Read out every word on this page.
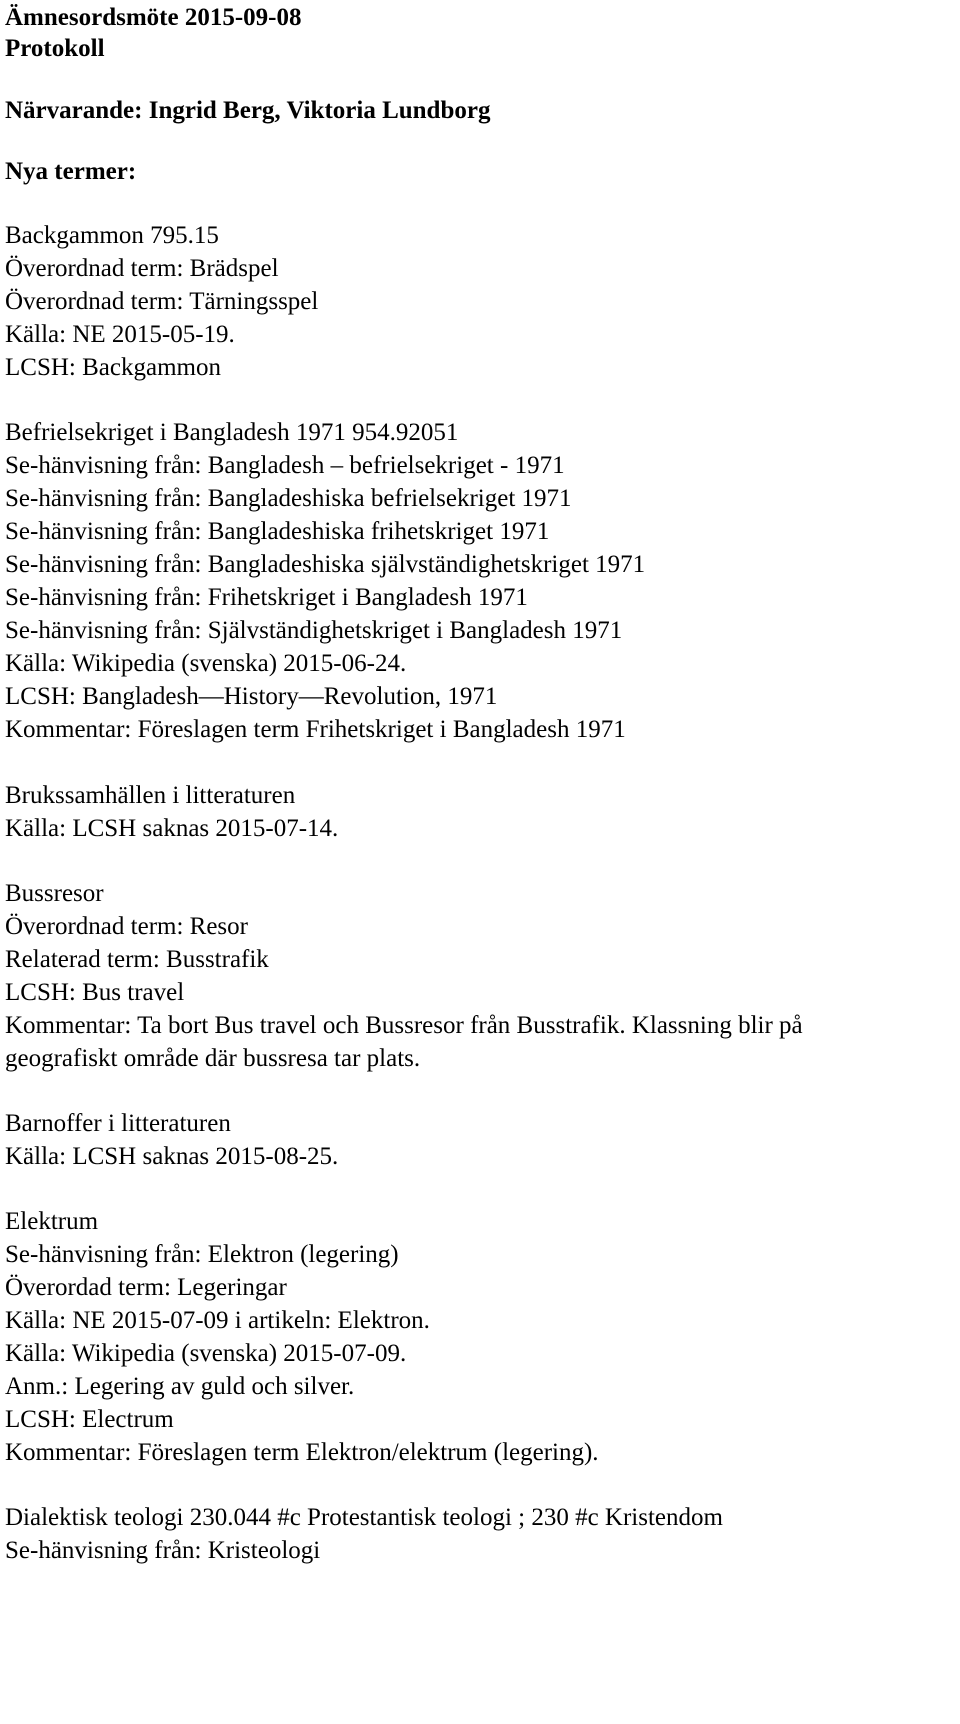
Ämnesordsmöte 2015-09-08
Protokoll
Närvarande: Ingrid Berg, Viktoria Lundborg
Nya termer:
Backgammon 795.15
Överordnad term: Brädspel
Överordnad term: Tärningsspel
Källa: NE 2015-05-19.
LCSH: Backgammon
Befrielsekriget i Bangladesh 1971 954.92051
Se-hänvisning från: Bangladesh – befrielsekriget - 1971
Se-hänvisning från: Bangladeshiska befrielsekriget 1971
Se-hänvisning från: Bangladeshiska frihetskriget 1971
Se-hänvisning från: Bangladeshiska självständighetskriget 1971
Se-hänvisning från: Frihetskriget i Bangladesh 1971
Se-hänvisning från: Självständighetskriget i Bangladesh 1971
Källa: Wikipedia (svenska) 2015-06-24.
LCSH: Bangladesh—History—Revolution, 1971
Kommentar: Föreslagen term Frihetskriget i Bangladesh 1971
Brukssamhällen i litteraturen
Källa: LCSH saknas 2015-07-14.
Bussresor
Överordnad term: Resor
Relaterad term: Busstrafik
LCSH: Bus travel
Kommentar: Ta bort Bus travel och Bussresor från Busstrafik. Klassning blir på
geografiskt område där bussresa tar plats.
Barnoffer i litteraturen
Källa: LCSH saknas 2015-08-25.
Elektrum
Se-hänvisning från: Elektron (legering)
Överordad term: Legeringar
Källa: NE 2015-07-09 i artikeln: Elektron.
Källa: Wikipedia (svenska) 2015-07-09.
Anm.: Legering av guld och silver.
LCSH: Electrum
Kommentar: Föreslagen term Elektron/elektrum (legering).
Dialektisk teologi 230.044 #c Protestantisk teologi ; 230 #c Kristendom
Se-hänvisning från: Kristeologi
